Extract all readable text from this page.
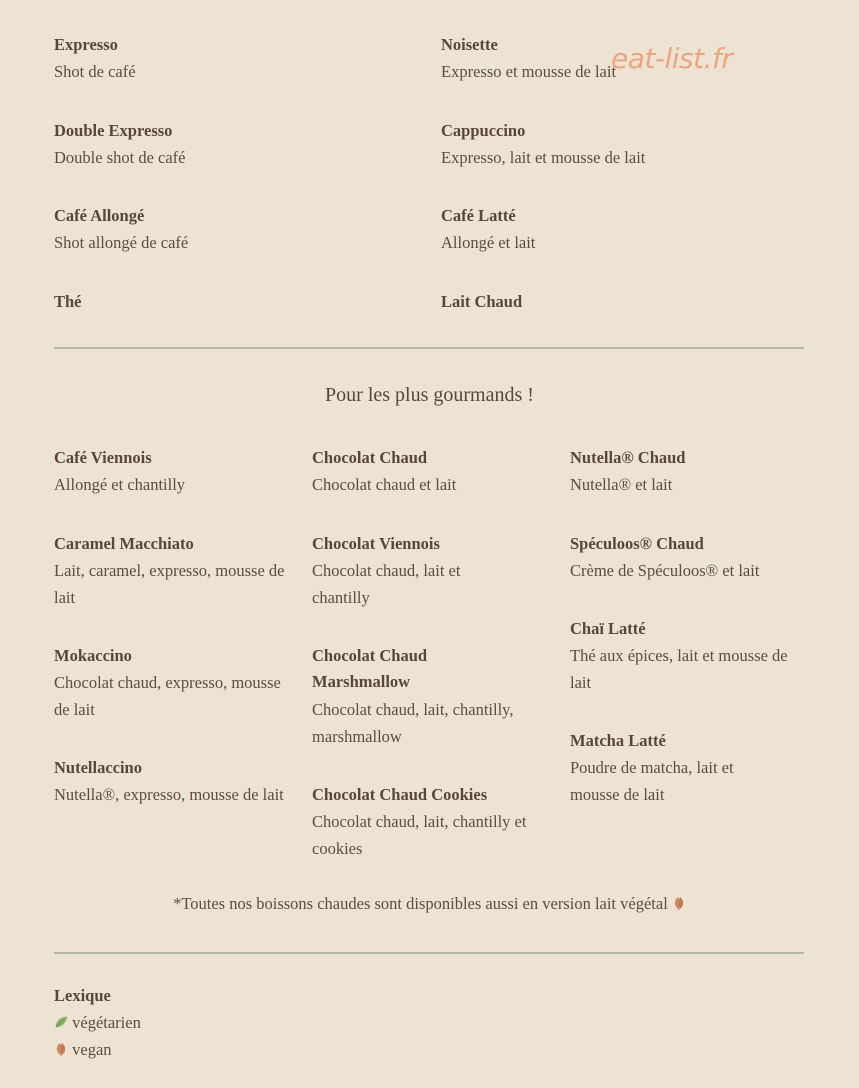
eat-list.fr
Expresso
Shot de café
Noisette
Expresso et mousse de lait
Double Expresso
Double shot de café
Cappuccino
Expresso, lait et mousse de lait
Café Allongé
Shot allongé de café
Café Latté
Allongé et lait
Thé	Lait Chaud
Pour les plus gourmands !
Café Viennois
Allongé et chantilly
Caramel Macchiato
Lait, caramel, expresso, mousse de lait
Mokaccino
Chocolat chaud, expresso, mousse de lait
Nutellaccino
Nutella®, expresso, mousse de lait
Chocolat Chaud
Chocolat chaud et lait
Chocolat Viennois
Chocolat chaud, lait et chantilly
Chocolat Chaud Marshmallow
Chocolat chaud, lait, chantilly, marshmallow
Chocolat Chaud Cookies
Chocolat chaud, lait, chantilly et cookies
Nutella® Chaud
Nutella® et lait
Spéculoos® Chaud
Crème de Spéculoos® et lait
Chaï Latté
Thé aux épices, lait et mousse de lait
Matcha Latté
Poudre de matcha, lait et mousse de lait
*Toutes nos boissons chaudes sont disponibles aussi en version lait végétal
Lexique
végétarien
vegan
